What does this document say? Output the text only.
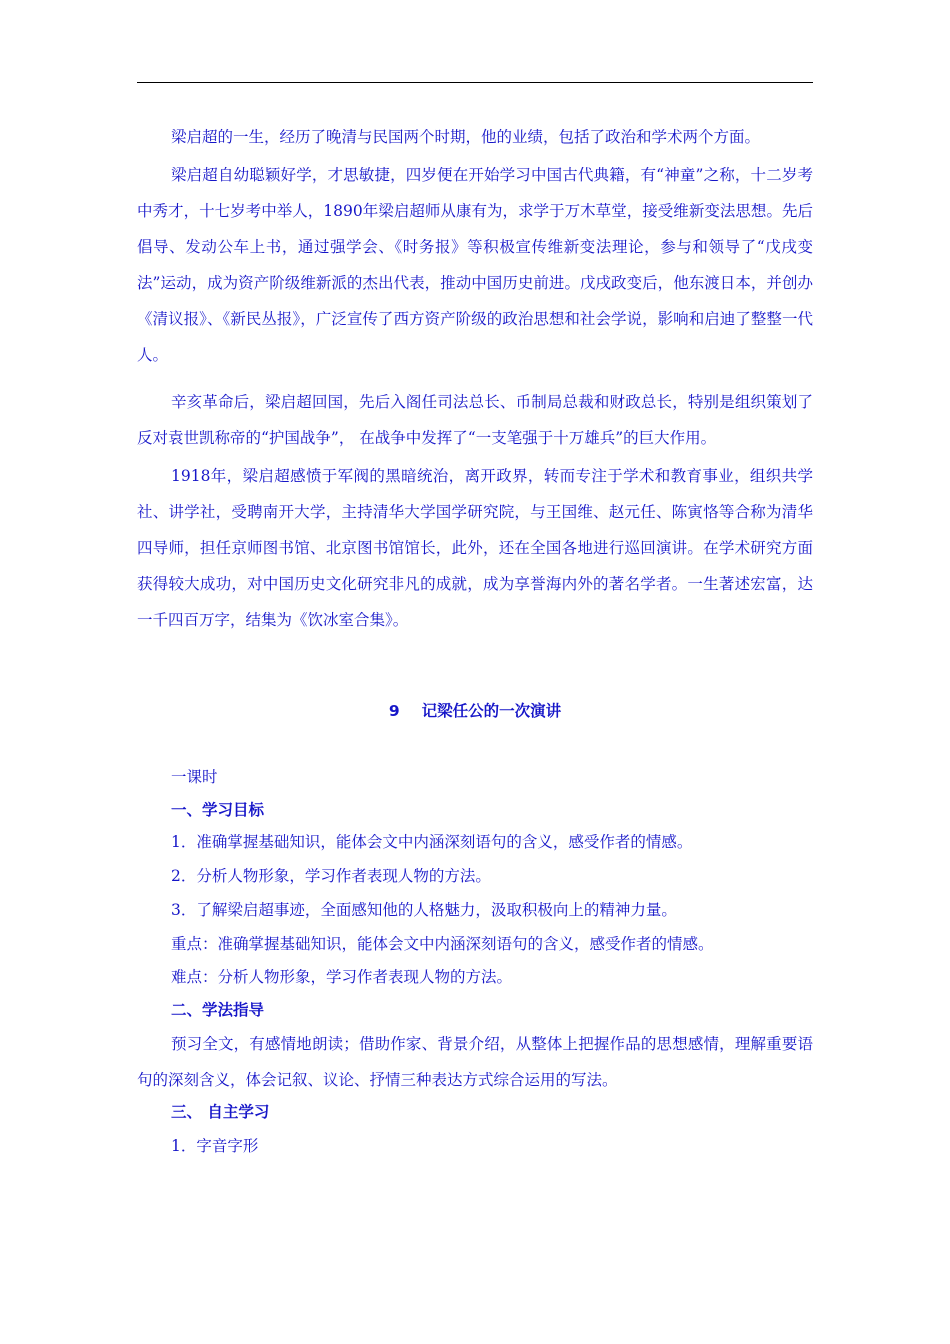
梁启超的一生，经历了晚清与民国两个时期，他的业绩，包括了政治和学术两个方面。

梁启超自幼聪颖好学，才思敏捷，四岁便在开始学习中国古代典籍，有“神童”之称，十二岁考中秀才，十七岁考中举人，1890年梁启超师从康有为，求学于万木草堂，接受维新变法思想。先后倡导、发动公车上书，通过强学会、《时务报》等积极宣传维新变法理论，参与和领导了“戊戌变法”运动，成为资产阶级维新派的杰出代表，推动中国历史前进。戊戌政变后，他东渡日本，并创办《清议报》、《新民丛报》，广泛宣传了西方资产阶级的政治思想和社会学说，影响和启迪了整整一代人。

辛亥革命后，梁启超回国，先后入阁任司法总长、币制局总裁和财政总长，特别是组织策划了反对袁世凯称帝的“护国战争”， 在战争中发挥了“一支笔强于十万雄兵”的巨大作用。

1918年，梁启超感愤于军阀的黑暗统治，离开政界，转而专注于学术和教育事业，组织共学社、讲学社，受聘南开大学，主持清华大学国学研究院，与王国维、赵元任、陈寅恪等合称为清华四导师，担任京师图书馆、北京图书馆馆长，此外，还在全国各地进行巡回演讲。在学术研究方面获得较大成功，对中国历史文化研究非凡的成就，成为享誉海内外的著名学者。一生著述宏富，达一千四百万字，结集为《饮冰室合集》。

9 记梁任公的一次演讲

一课时

一、学习目标

1．准确掌握基础知识，能体会文中内涵深刻语句的含义，感受作者的情感。

2．分析人物形象，学习作者表现人物的方法。

3．了解梁启超事迹，全面感知他的人格魅力，汲取积极向上的精神力量。

重点：准确掌握基础知识，能体会文中内涵深刻语句的含义，感受作者的情感。

难点：分析人物形象，学习作者表现人物的方法。

二、学法指导

预习全文，有感情地朗读；借助作家、背景介绍，从整体上把握作品的思想感情，理解重要语句的深刻含义，体会记叙、议论、抒情三种表达方式综合运用的写法。

三、 自主学习

1．字音字形
